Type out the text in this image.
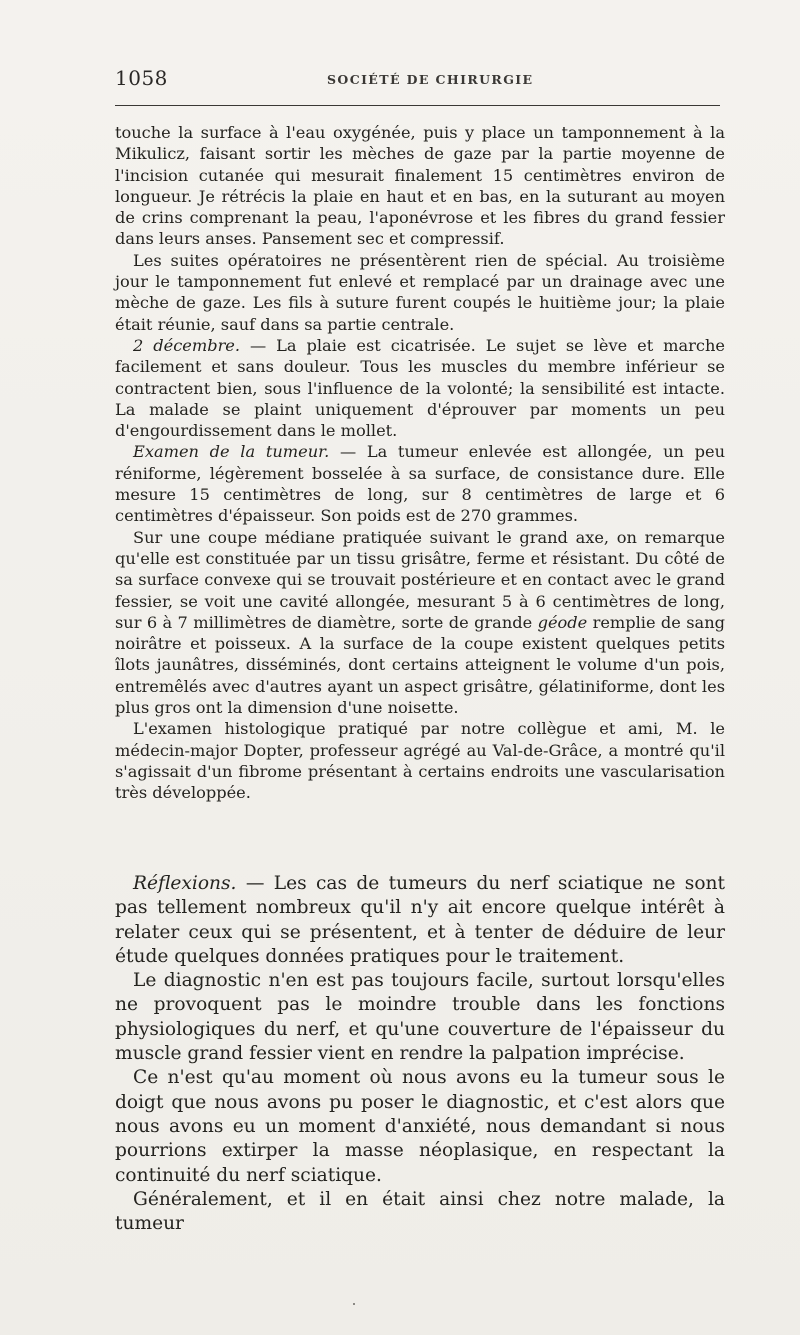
1058	SOCIÉTÉ DE CHIRURGIE

touche la surface à l'eau oxygénée, puis y place un tamponnement à la Mikulicz, faisant sortir les mèches de gaze par la partie moyenne de l'incision cutanée qui mesurait finalement 15 centimètres environ de longueur. Je rétrécis la plaie en haut et en bas, en la suturant au moyen de crins comprenant la peau, l'aponévrose et les fibres du grand fessier dans leurs anses. Pansement sec et compressif.

Les suites opératoires ne présentèrent rien de spécial. Au troisième jour le tamponnement fut enlevé et remplacé par un drainage avec une mèche de gaze. Les fils à suture furent coupés le huitième jour; la plaie était réunie, sauf dans sa partie centrale.

2 décembre. — La plaie est cicatrisée. Le sujet se lève et marche facilement et sans douleur. Tous les muscles du membre inférieur se contractent bien, sous l'influence de la volonté; la sensibilité est intacte. La malade se plaint uniquement d'éprouver par moments un peu d'engourdissement dans le mollet.

Examen de la tumeur. — La tumeur enlevée est allongée, un peu réniforme, légèrement bosselée à sa surface, de consistance dure. Elle mesure 15 centimètres de long, sur 8 centimètres de large et 6 centimètres d'épaisseur. Son poids est de 270 grammes.

Sur une coupe médiane pratiquée suivant le grand axe, on remarque qu'elle est constituée par un tissu grisâtre, ferme et résistant. Du côté de sa surface convexe qui se trouvait postérieure et en contact avec le grand fessier, se voit une cavité allongée, mesurant 5 à 6 centimètres de long, sur 6 à 7 millimètres de diamètre, sorte de grande géode remplie de sang noirâtre et poisseux. A la surface de la coupe existent quelques petits îlots jaunâtres, disséminés, dont certains atteignent le volume d'un pois, entremêlés avec d'autres ayant un aspect grisâtre, gélatiniforme, dont les plus gros ont la dimension d'une noisette.

L'examen histologique pratiqué par notre collègue et ami, M. le médecin-major Dopter, professeur agrégé au Val-de-Grâce, a montré qu'il s'agissait d'un fibrome présentant à certains endroits une vascularisation très développée.

Réflexions. — Les cas de tumeurs du nerf sciatique ne sont pas tellement nombreux qu'il n'y ait encore quelque intérêt à relater ceux qui se présentent, et à tenter de déduire de leur étude quelques données pratiques pour le traitement.

Le diagnostic n'en est pas toujours facile, surtout lorsqu'elles ne provoquent pas le moindre trouble dans les fonctions physiologiques du nerf, et qu'une couverture de l'épaisseur du muscle grand fessier vient en rendre la palpation imprécise.

Ce n'est qu'au moment où nous avons eu la tumeur sous le doigt que nous avons pu poser le diagnostic, et c'est alors que nous avons eu un moment d'anxiété, nous demandant si nous pourrions extirper la masse néoplasique, en respectant la continuité du nerf sciatique.

Généralement, et il en était ainsi chez notre malade, la tumeur
